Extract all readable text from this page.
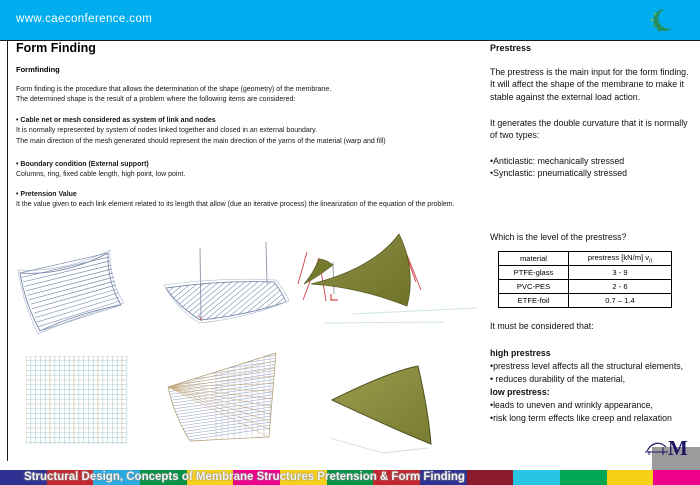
www.caeconference.com
Form Finding
Formfinding
Form finding is the procedure that allows the determination of the shape (geometry) of the membrane.
The determined shape is the result of a problem where the following items are considered:
• Cable net or mesh considered as system of link and nodes
It is normally represented by system of nodes linked together and closed in an external boundary.
The main direction of the mesh generated should represent the main direction of the yarns of the material (warp and fill)
• Boundary condition (External support)
Columns, ring, fixed cable length, high point, low point.
• Pretension Value
It the value given to each link element related to its length that allow (due an iterative process) the linearization of the equation of the problem.
Prestress
The prestress is the main input for the form finding.
It will affect the shape of the membrane to make it
stable against the external load action.
It generates the double curvature that it is normally
of two types:
•Anticlastic: mechanically stressed
•Synclastic: pneumatically stressed
Which is the level of the prestress?
material	prestress [kN/m] $v_0$
PTFE-glass	3 - 9
PVC-PES	2 - 6
ETFE-foil	0.7 – 1.4
It must be considered that:
high prestress
•prestress level affects all the structural elements,
• reduces durability of the material,
low prestress:
•leads to uneven and wrinkly appearance,
•risk long term effects like creep and relaxation
M
Structural Design, Concepts of Membrane Structures Pretension & Form Finding
